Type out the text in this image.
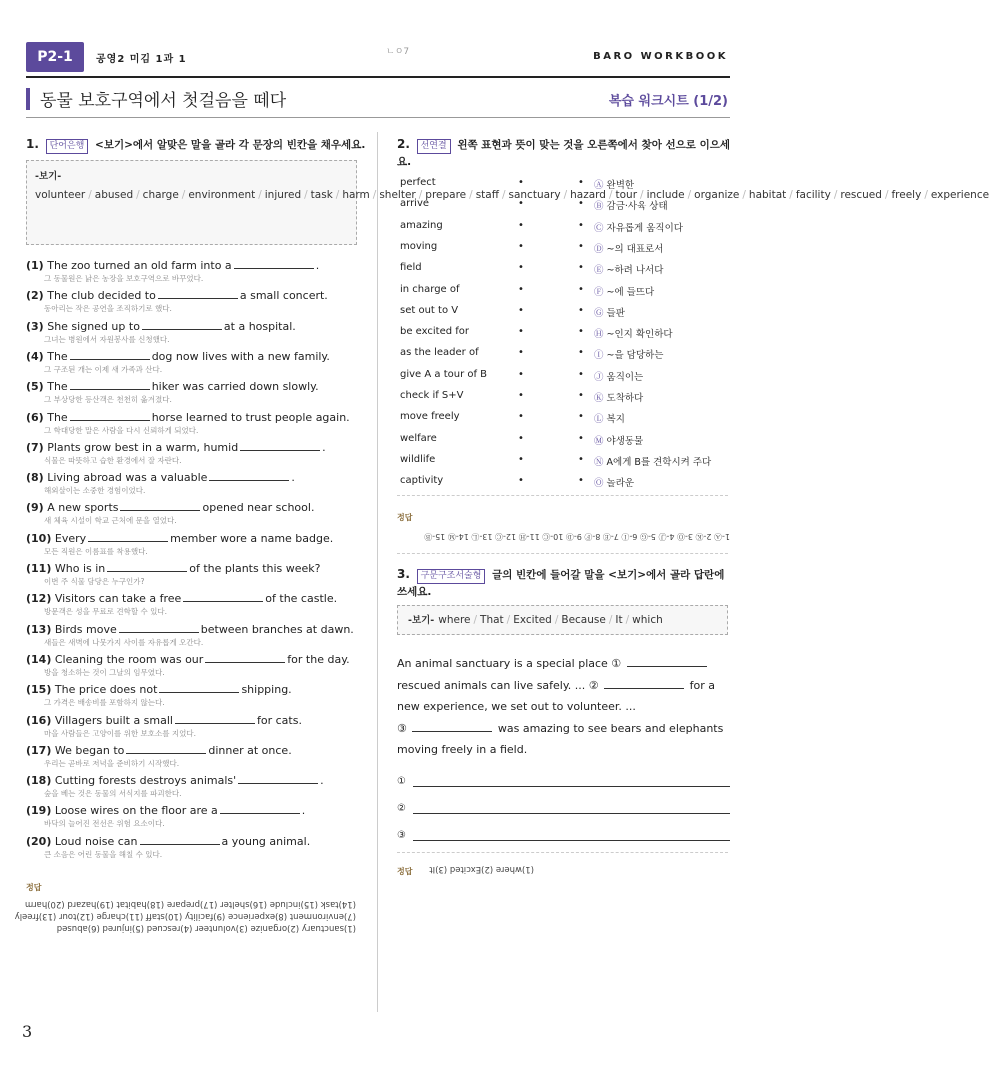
P2-1	공영2 미김 1과 1
ㄴㅇ7	BARO WORKBOOK
동물 보호구역에서 첫걸음을 떼다	복습 워크시트 (1/2)
1. 단어은행 <보기>에서 알맞은 말을 골라 각 문장의 빈칸을 채우세요.
-보기-volunteer / abused / charge / environment / injured / task / harm / shelter / prepare / staff / sanctuary / hazard / tour / include / organize / habitat / facility / rescued / freely / experience
(1) The zoo turned an old farm into a	.
그 동물원은 낡은 농장을 보호구역으로 바꾸었다.
(2) The club decided to	a small concert.
동아리는 작은 공연을 조직하기로 했다.
(3) She signed up to	at a hospital.
그녀는 병원에서 자원봉사를 신청했다.
(4) The	dog now lives with a new family.
그 구조된 개는 이제 새 가족과 산다.
(5) The	hiker was carried down slowly.
그 부상당한 등산객은 천천히 옮겨졌다.
(6) The	horse learned to trust people again.
그 학대당한 말은 사람을 다시 신뢰하게 되었다.
(7) Plants grow best in a warm, humid	.
식물은 따뜻하고 습한 환경에서 잘 자란다.
(8) Living abroad was a valuable	.
해외살이는 소중한 경험이었다.
(9) A new sports	opened near school.
새 체육 시설이 학교 근처에 문을 열었다.
(10) Every	member wore a name badge.
모든 직원은 이름표를 착용했다.
(11) Who is in	of the plants this week?
이번 주 식물 담당은 누구인가?
(12) Visitors can take a free	of the castle.
방문객은 성을 무료로 견학할 수 있다.
(13) Birds move	between branches at dawn.
새들은 새벽에 나뭇가지 사이를 자유롭게 오간다.
(14) Cleaning the room was our	for the day.
방을 청소하는 것이 그날의 임무였다.
(15) The price does not	shipping.
그 가격은 배송비를 포함하지 않는다.
(16) Villagers built a small	for cats.
마을 사람들은 고양이를 위한 보호소를 지었다.
(17) We began to	dinner at once.
우리는 곧바로 저녁을 준비하기 시작했다.
(18) Cutting forests destroys animals'	.
숲을 베는 것은 동물의 서식지를 파괴한다.
(19) Loose wires on the floor are a	.
바닥의 늘어진 전선은 위험 요소이다.
(20) Loud noise can	a young animal.
큰 소음은 어린 동물을 해칠 수 있다.
정답
(1)sanctuary (2)organize (3)volunteer (4)rescued (5)injured (6)abused
(7)environment (8)experience (9)facility (10)staff (11)charge (12)tour (13)freely
(14)task (15)include (16)shelter (17)prepare (18)habitat (19)hazard (20)harm
2. 선연결 왼쪽 표현과 뜻이 맞는 것을 오른쪽에서 찾아 선으로 이으세요.
perfect	•	• Ⓐ 완벽한
arrive	•	• Ⓑ 감금·사육 상태
amazing	•	• Ⓒ 자유롭게 움직이다
moving	•	• Ⓓ ~의 대표로서
field	•	• Ⓔ ~하려 나서다
in charge of	•	• Ⓕ ~에 들뜨다
set out to V	•	• Ⓖ 들판
be excited for	•	• Ⓗ ~인지 확인하다
as the leader of	•	• Ⓘ ~을 담당하는
give A a tour of B	•	• Ⓙ 움직이는
check if S+V	•	• Ⓚ 도착하다
move freely	•	• Ⓛ 복지
welfare	•	• Ⓜ 야생동물
wildlife	•	• Ⓝ A에게 B를 견학시켜 주다
captivity	•	• Ⓞ 놀라운
정답
1-Ⓐ 2-Ⓚ 3-Ⓞ 4-Ⓙ 5-Ⓖ 6-Ⓘ 7-Ⓔ 8-Ⓕ 9-Ⓓ 10-Ⓒ 11-Ⓗ 12-Ⓒ 13-Ⓛ 14-Ⓜ 15-Ⓑ
3. 구문구조서술형 글의 빈칸에 들어갈 말을 <보기>에서 골라 답란에 쓰세요.
-보기- where / That / Excited / Because / It / which
An animal sanctuary is a special place ①
rescued animals can live safely. ... ②	for a
new experience, we set out to volunteer. ...
③	was amazing to see bears and elephants
moving freely in a field.
①
②
③
정답	(1)where (2)Excited (3)It
3
